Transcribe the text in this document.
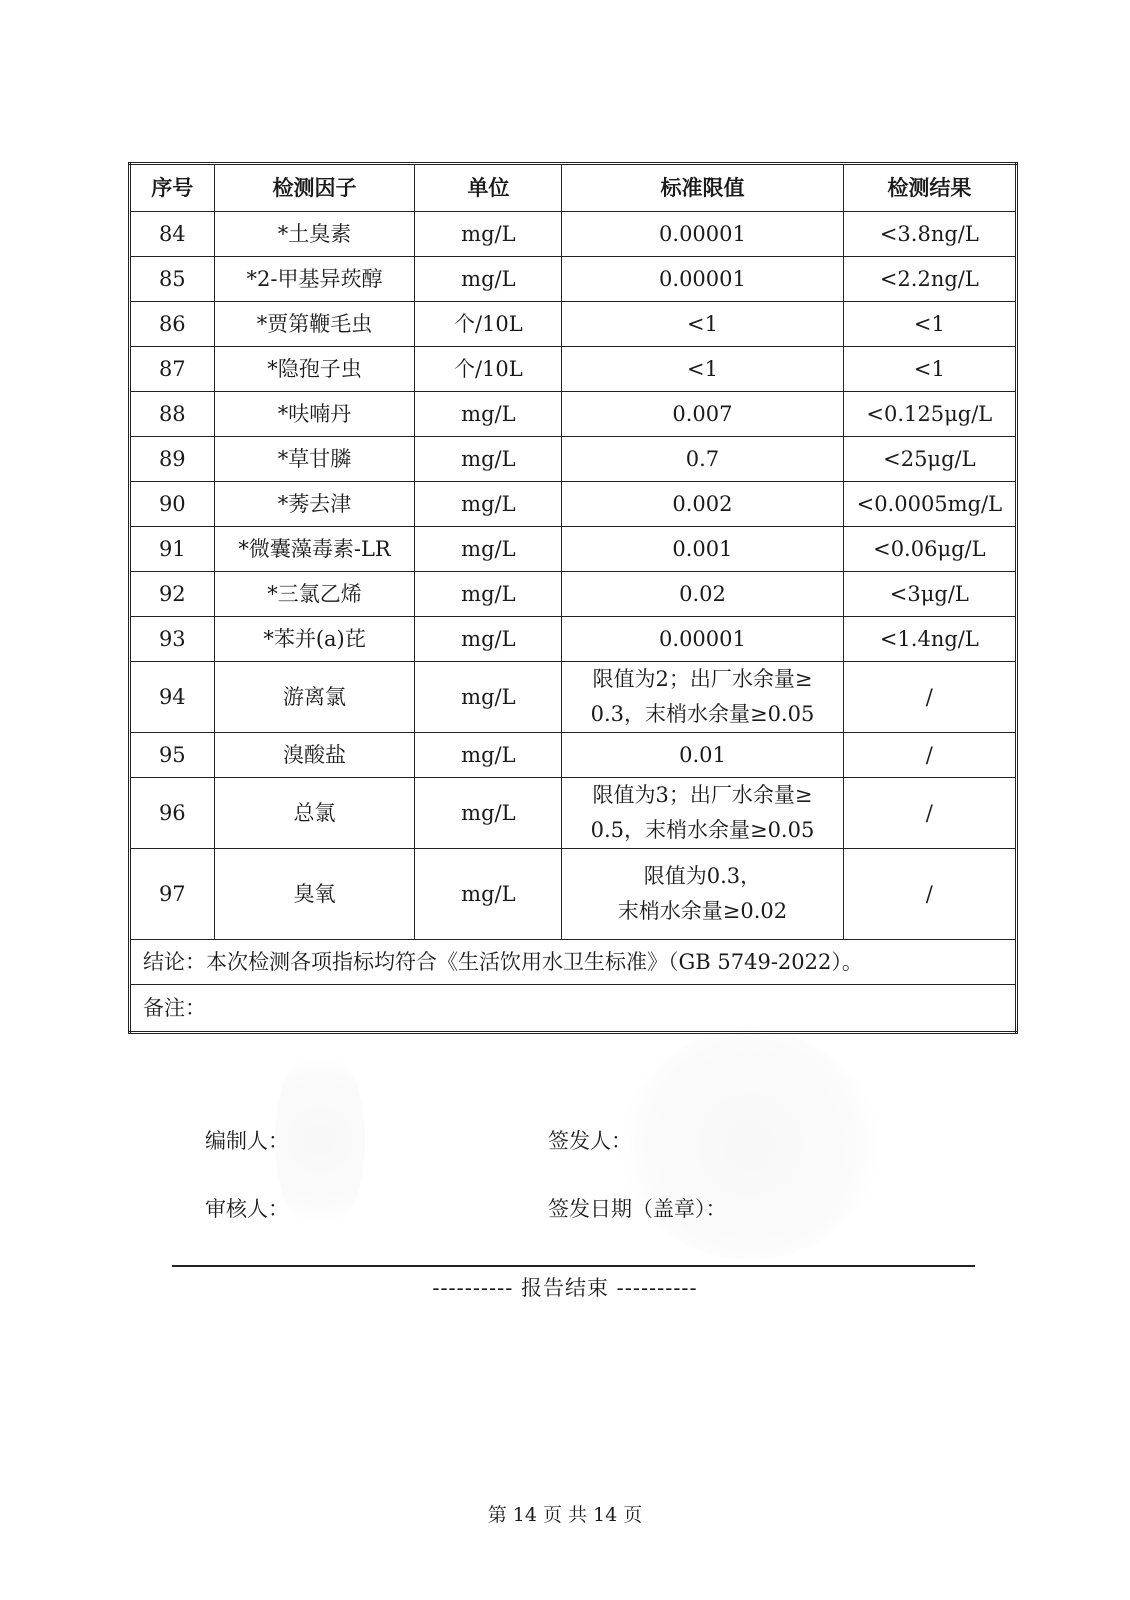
序号	检测因子	单位	标准限值	检测结果
84	*土臭素	mg/L	0.00001	<3.8ng/L
85	*2-甲基异莰醇	mg/L	0.00001	<2.2ng/L
86	*贾第鞭毛虫	个/10L	<1	<1
87	*隐孢子虫	个/10L	<1	<1
88	*呋喃丹	mg/L	0.007	<0.125μg/L
89	*草甘膦	mg/L	0.7	<25μg/L
90	*莠去津	mg/L	0.002	<0.0005mg/L
91	*微囊藻毒素-LR	mg/L	0.001	<0.06μg/L
92	*三氯乙烯	mg/L	0.02	<3μg/L
93	*苯并(a)芘	mg/L	0.00001	<1.4ng/L
94	游离氯	mg/L	限值为2；出厂水余量≥
0.3，末梢水余量≥0.05	/
95	溴酸盐	mg/L	0.01	/
96	总氯	mg/L	限值为3；出厂水余量≥
0.5，末梢水余量≥0.05	/
97	臭氧	mg/L	限值为0.3，
末梢水余量≥0.02	/
结论：本次检测各项指标均符合《生活饮用水卫生标准》（GB 5749-2022）。				
备注：				
编制人：	签发人：
审核人：	签发日期（盖章）：
---------- 报告结束 ----------
第 14 页 共 14 页
